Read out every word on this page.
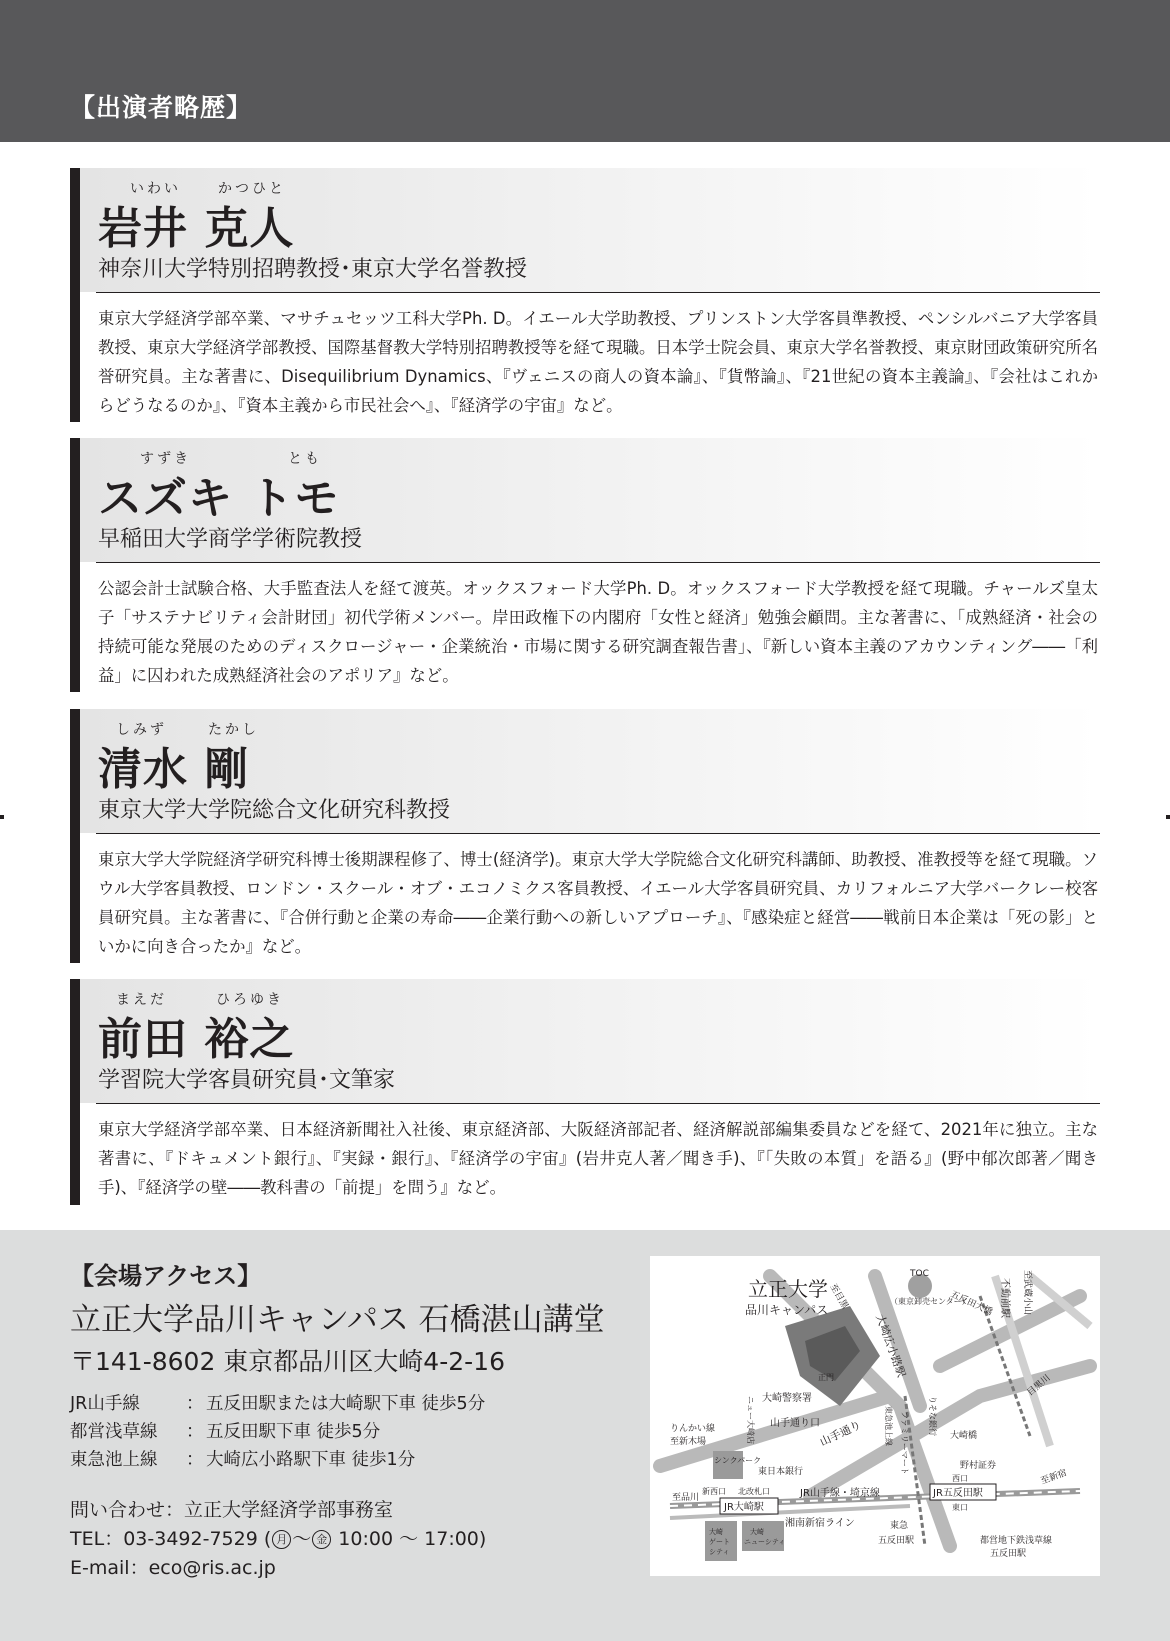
【出演者略歴】
いわい	かつひと
岩井 克人
神奈川大学特別招聘教授･東京大学名誉教授
東京大学経済学部卒業、マサチュセッツ工科大学Ph. D。イエール大学助教授、プリンストン大学客員準教授、ペンシルバニア大学客員教授、東京大学経済学部教授、国際基督教大学特別招聘教授等を経て現職。日本学士院会員、東京大学名誉教授、東京財団政策研究所名誉研究員。主な著書に、Disequilibrium Dynamics、『ヴェニスの商人の資本論』、『貨幣論』、『21世紀の資本主義論』、『会社はこれからどうなるのか』、『資本主義から市民社会へ』、『経済学の宇宙』など。
すずき	とも
スズキ トモ
早稲田大学商学学術院教授
公認会計士試験合格、大手監査法人を経て渡英。オックスフォード大学Ph. D。オックスフォード大学教授を経て現職。チャールズ皇太子「サステナビリティ会計財団」初代学術メンバー。岸田政権下の内閣府「女性と経済」勉強会顧問。主な著書に、「成熟経済・社会の持続可能な発展のためのディスクロージャー・企業統治・市場に関する研究調査報告書」、『新しい資本主義のアカウンティング――「利益」に囚われた成熟経済社会のアポリア』など。
しみず	たかし
清水 剛
東京大学大学院総合文化研究科教授
東京大学大学院経済学研究科博士後期課程修了、博士(経済学)。東京大学大学院総合文化研究科講師、助教授、准教授等を経て現職。ソウル大学客員教授、ロンドン・スクール・オブ・エコノミクス客員教授、イエール大学客員研究員、カリフォルニア大学バークレー校客員研究員。主な著書に、『合併行動と企業の寿命――企業行動への新しいアプローチ』、『感染症と経営――戦前日本企業は「死の影」といかに向き合ったか』など。
まえだ	ひろゆき
前田 裕之
学習院大学客員研究員･文筆家
東京大学経済学部卒業、日本経済新聞社入社後、東京経済部、大阪経済部記者、経済解説部編集委員などを経て、2021年に独立。主な著書に、『ドキュメント銀行』、『実録・銀行』、『経済学の宇宙』(岩井克人著／聞き手)、『「失敗の本質」を語る』(野中郁次郎著／聞き手)、『経済学の壁――教科書の「前提」を問う』など。
【会場アクセス】
立正大学品川キャンパス 石橋湛山講堂
〒141-8602 東京都品川区大崎4-2-16
JR山手線	： 五反田駅または大崎駅下車 徒歩5分
都営浅草線 ： 五反田駅下車 徒歩5分
東急池上線 ： 大崎広小路駅下車 徒歩1分
問い合わせ：立正大学経済学部事務室
TEL：03-3492-7529 ( 月 ～ 金 10:00 ～ 17:00)
E-mail：eco@ris.ac.jp
立正大学
品川キャンパス
正門
TOC
（東京卸売センター）
至目黒	不動前駅 至武蔵小山
五反田大橋
目黒川
大崎広小路駅
大崎警察署
山手通り口
山手通り
ニュー大崎店	ファミリーマート
東急池上線	りそな銀行 大崎橋
野村証券
東日本銀行
りんかい線
至新木場
シンクパーク
至品川
新西口 北改札口
JR大崎駅
JR山手線・埼京線
湘南新宿ライン
JR五反田駅
西口
東口
至新宿
東急
五反田駅	都営地下鉄浅草線
五反田駅
大崎
ゲート
シティ
大崎
ニューシティ
